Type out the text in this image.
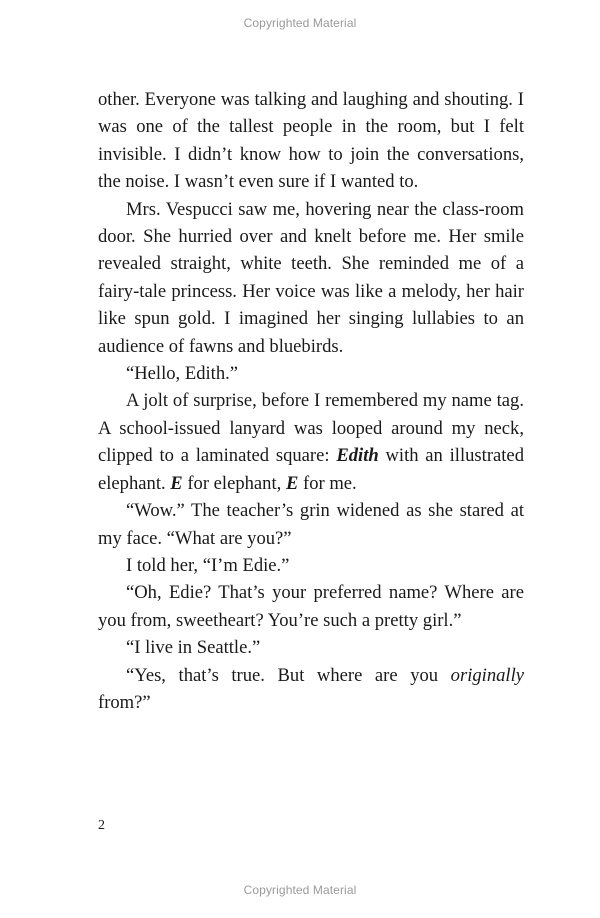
Copyrighted Material

other. Everyone was talking and laughing and shouting. I was one of the tallest people in the room, but I felt invisible. I didn’t know how to join the conversations, the noise. I wasn’t even sure if I wanted to.

Mrs. Vespucci saw me, hovering near the class-room door. She hurried over and knelt before me. Her smile revealed straight, white teeth. She reminded me of a fairy-tale princess. Her voice was like a melody, her hair like spun gold. I imagined her singing lullabies to an audience of fawns and bluebirds.

“Hello, Edith.”

A jolt of surprise, before I remembered my name tag. A school-issued lanyard was looped around my neck, clipped to a laminated square: Edith with an illustrated elephant. E for elephant, E for me.

“Wow.” The teacher’s grin widened as she stared at my face. “What are you?”

I told her, “I’m Edie.”

“Oh, Edie? That’s your preferred name? Where are you from, sweetheart? You’re such a pretty girl.”

“I live in Seattle.”

“Yes, that’s true. But where are you originally from?”

2
Copyrighted Material
